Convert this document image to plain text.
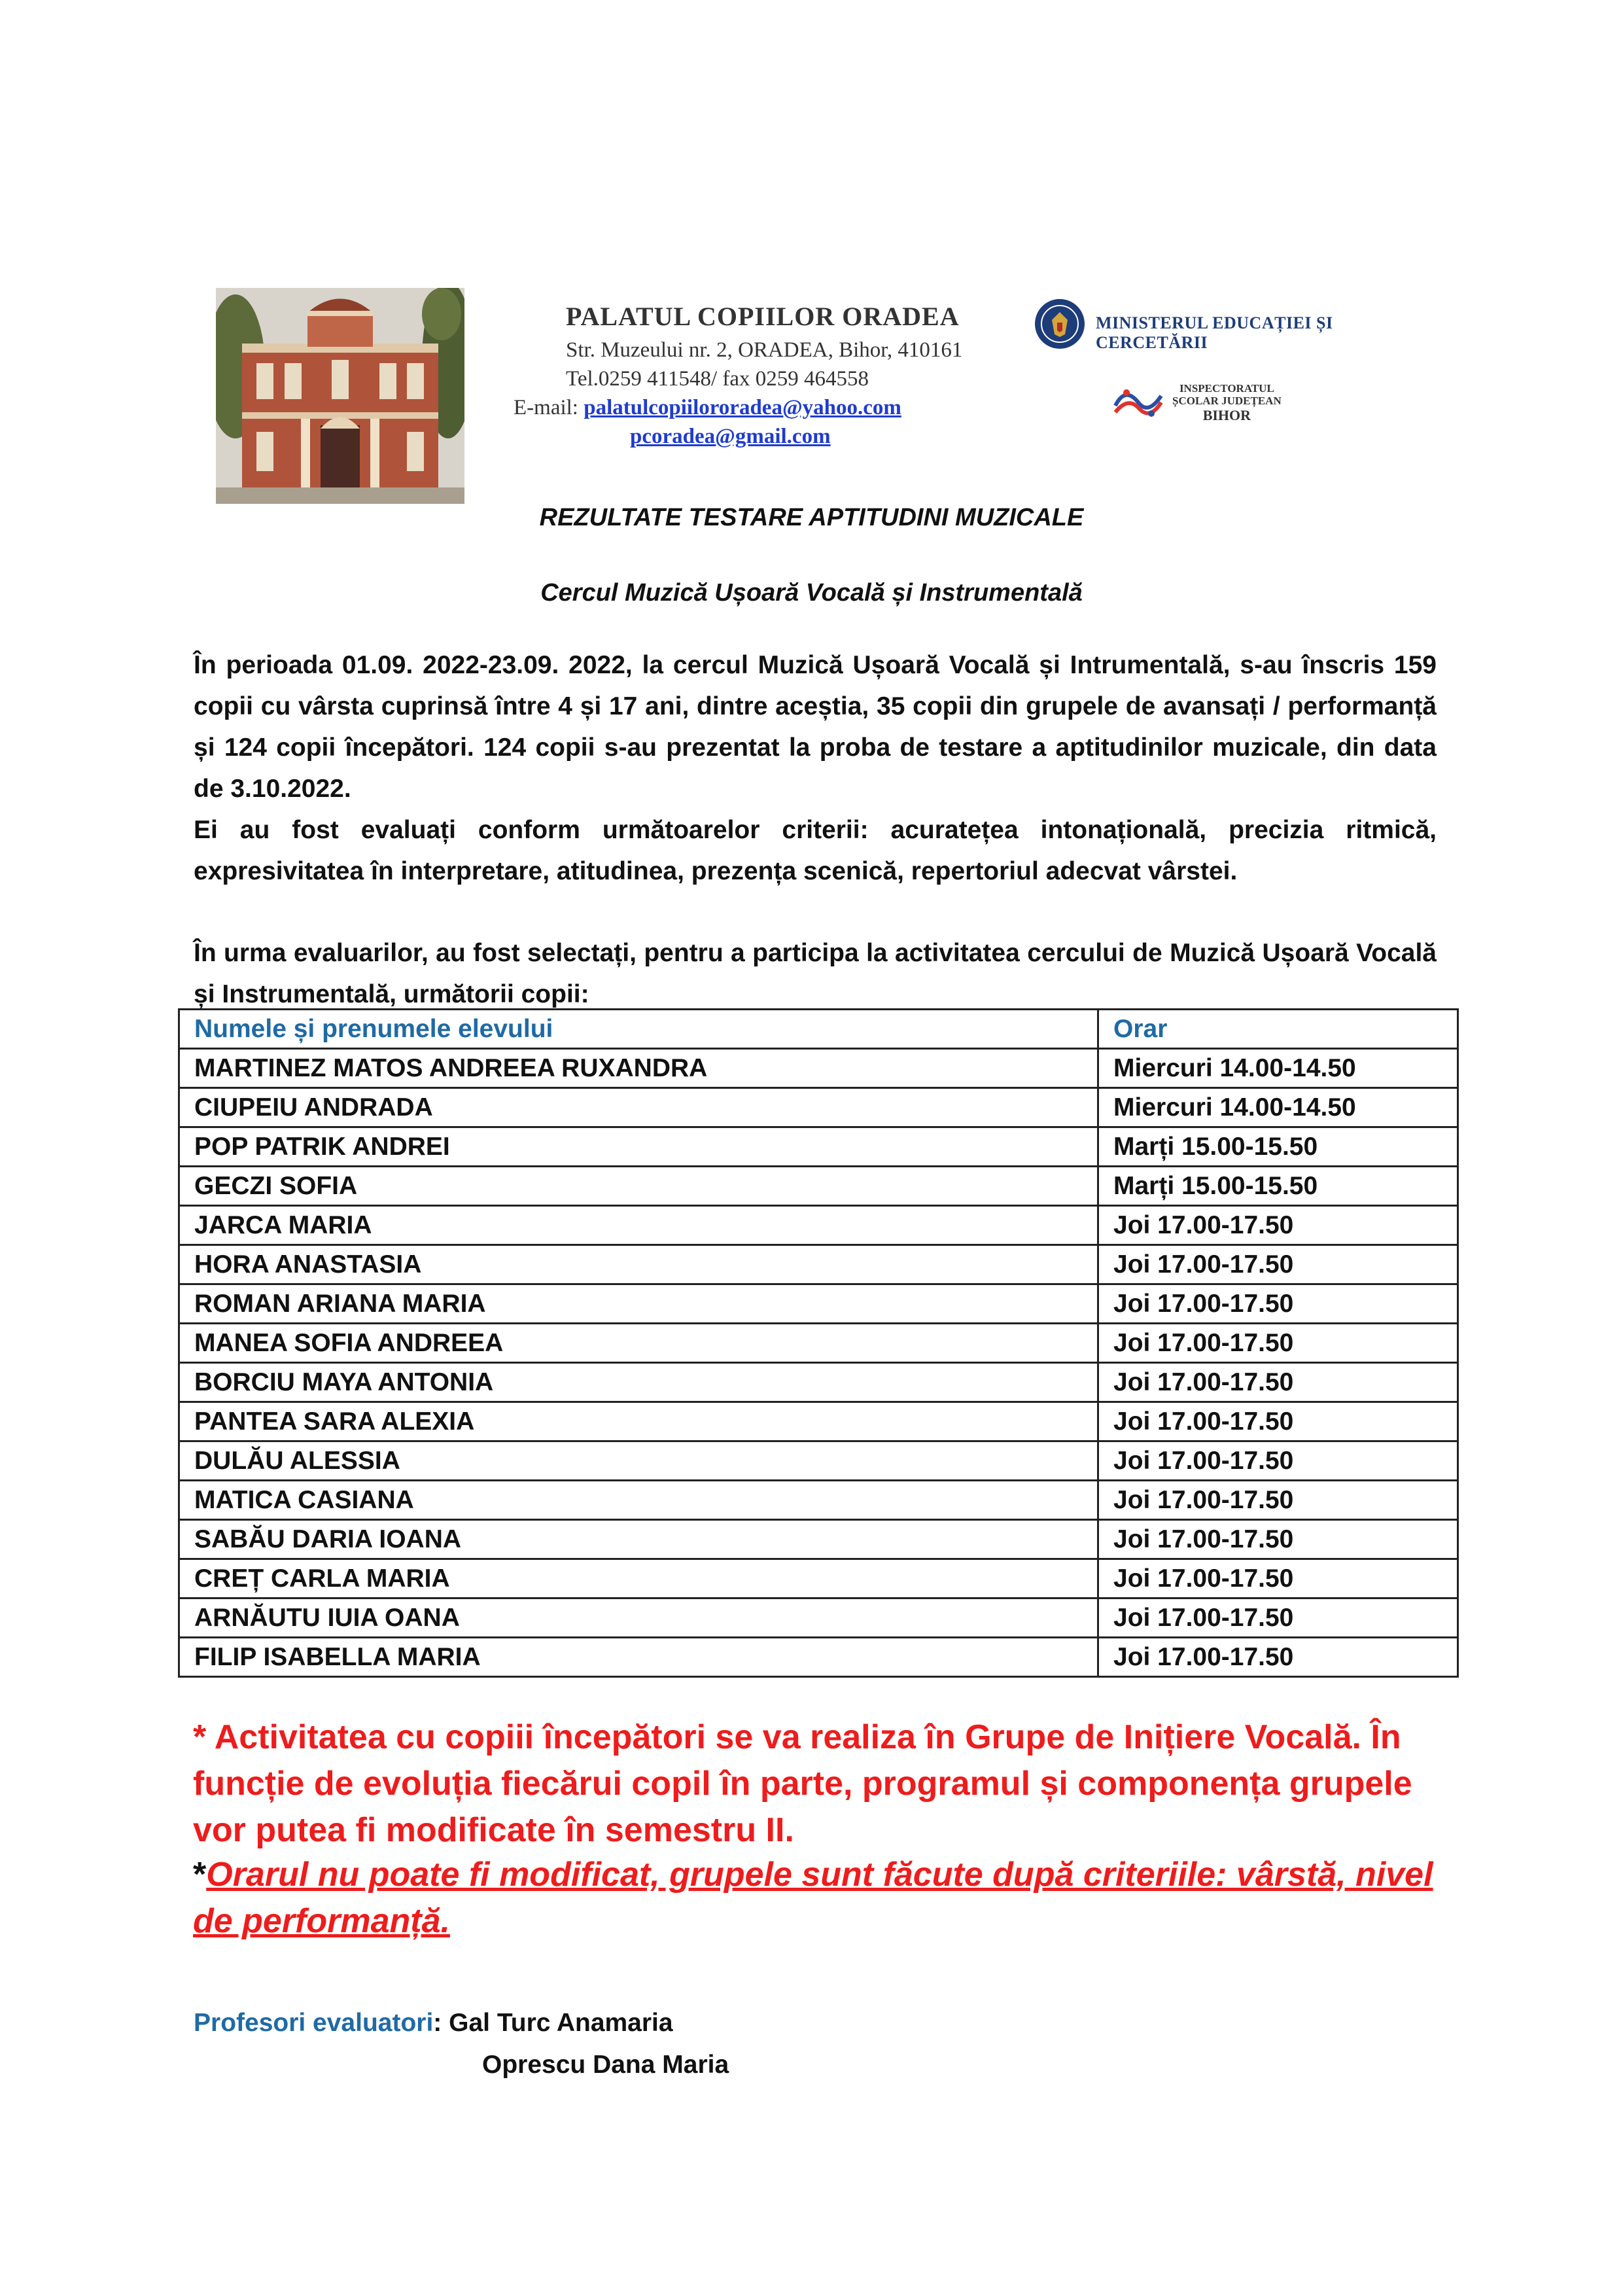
PALATUL COPIILOR ORADEA
Str. Muzeului nr. 2, ORADEA, Bihor, 410161
Tel.0259 411548/ fax 0259 464558
E-mail: palatulcopiilororadea@yahoo.com
pcoradea@gmail.com
MINISTERUL EDUCAȚIEI ȘI CERCETĂRII
INSPECTORATUL
ȘCOLAR JUDEȚEAN
BIHOR
REZULTATE TESTARE APTITUDINI MUZICALE
Cercul Muzică Ușoară Vocală și Instrumentală
În perioada 01.09. 2022-23.09. 2022, la cercul Muzică Ușoară Vocală și Intrumentală, s-au înscris 159 copii cu vârsta cuprinsă între 4 și 17 ani, dintre aceștia, 35 copii din grupele de avansați / performanță și 124 copii începători. 124 copii s-au prezentat la proba de testare a aptitudinilor muzicale, din data de 3.10.2022.
Ei au fost evaluați conform următoarelor criterii: acuratețea intonațională, precizia ritmică, expresivitatea în interpretare, atitudinea, prezența scenică, repertoriul adecvat vârstei.
În urma evaluarilor, au fost selectați, pentru a participa la activitatea cercului de Muzică Ușoară Vocală și Instrumentală, următorii copii:
Numele și prenumele elevului	Orar
MARTINEZ MATOS ANDREEA RUXANDRA	Miercuri 14.00-14.50
CIUPEIU ANDRADA	Miercuri 14.00-14.50
POP PATRIK ANDREI	Marți 15.00-15.50
GECZI SOFIA	Marți 15.00-15.50
JARCA MARIA	Joi 17.00-17.50
HORA ANASTASIA	Joi 17.00-17.50
ROMAN ARIANA MARIA	Joi 17.00-17.50
MANEA SOFIA ANDREEA	Joi 17.00-17.50
BORCIU MAYA ANTONIA	Joi 17.00-17.50
PANTEA SARA ALEXIA	Joi 17.00-17.50
DULĂU ALESSIA	Joi 17.00-17.50
MATICA CASIANA	Joi 17.00-17.50
SABĂU DARIA IOANA	Joi 17.00-17.50
CREȚ CARLA MARIA	Joi 17.00-17.50
ARNĂUTU IUIA OANA	Joi 17.00-17.50
FILIP ISABELLA MARIA	Joi 17.00-17.50
* Activitatea cu copiii începători se va realiza în Grupe de Inițiere Vocală. În funcție de evoluția fiecărui copil în parte, programul și componența grupele vor putea fi modificate în semestru II.
*Orarul nu poate fi modificat, grupele sunt făcute după criteriile: vârstă, nivel de performanță.
Profesori evaluatori: Gal Turc Anamaria
Oprescu Dana Maria
